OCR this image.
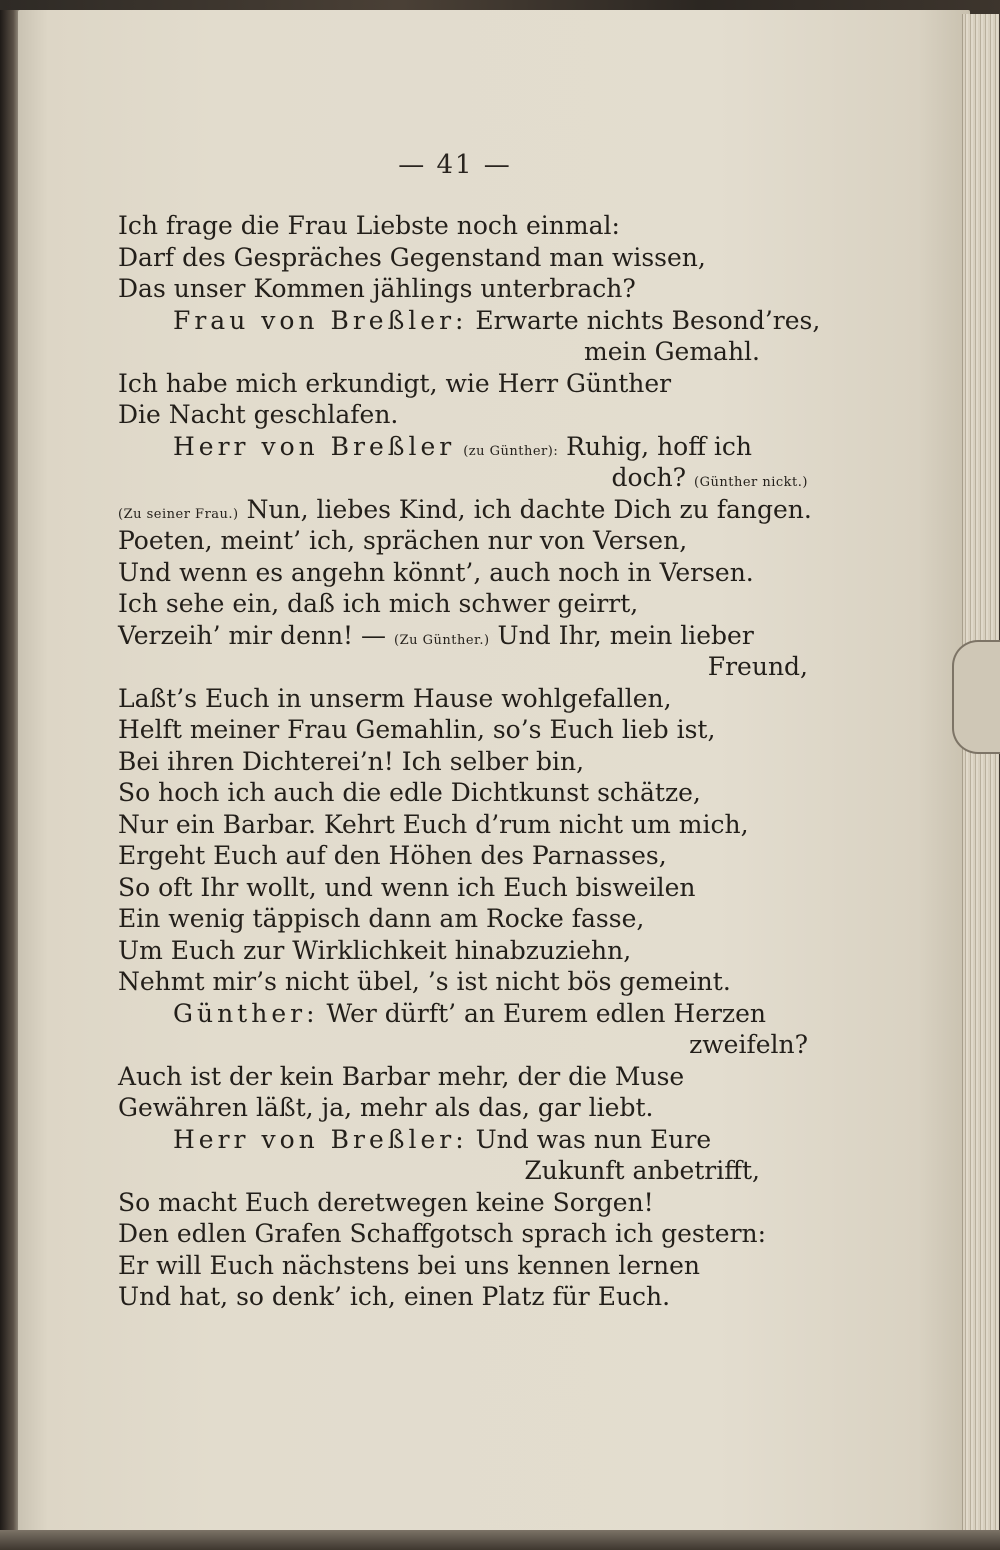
— 41 —
Ich frage die Frau Liebste noch einmal:
Darf des Gespräches Gegenstand man wissen,
Das unser Kommen jählings unterbrach?
Frau von Breßler: Erwarte nichts Besond’res,
mein Gemahl.
Ich habe mich erkundigt, wie Herr Günther
Die Nacht geschlafen.
Herr von Breßler (zu Günther): Ruhig, hoff ich
doch? (Günther nickt.)
(Zu seiner Frau.) Nun, liebes Kind, ich dachte Dich zu fangen.
Poeten, meint’ ich, sprächen nur von Versen,
Und wenn es angehn könnt’, auch noch in Versen.
Ich sehe ein, daß ich mich schwer geirrt,
Verzeih’ mir denn! — (Zu Günther.) Und Ihr, mein lieber
Freund,
Laßt’s Euch in unserm Hause wohlgefallen,
Helft meiner Frau Gemahlin, so’s Euch lieb ist,
Bei ihren Dichterei’n! Ich selber bin,
So hoch ich auch die edle Dichtkunst schätze,
Nur ein Barbar. Kehrt Euch d’rum nicht um mich,
Ergeht Euch auf den Höhen des Parnasses,
So oft Ihr wollt, und wenn ich Euch bisweilen
Ein wenig täppisch dann am Rocke fasse,
Um Euch zur Wirklichkeit hinabzuziehn,
Nehmt mir’s nicht übel, ’s ist nicht bös gemeint.
Günther: Wer dürft’ an Eurem edlen Herzen
zweifeln?
Auch ist der kein Barbar mehr, der die Muse
Gewähren läßt, ja, mehr als das, gar liebt.
Herr von Breßler: Und was nun Eure
Zukunft anbetrifft,
So macht Euch deretwegen keine Sorgen!
Den edlen Grafen Schaffgotsch sprach ich gestern:
Er will Euch nächstens bei uns kennen lernen
Und hat, so denk’ ich, einen Platz für Euch.
